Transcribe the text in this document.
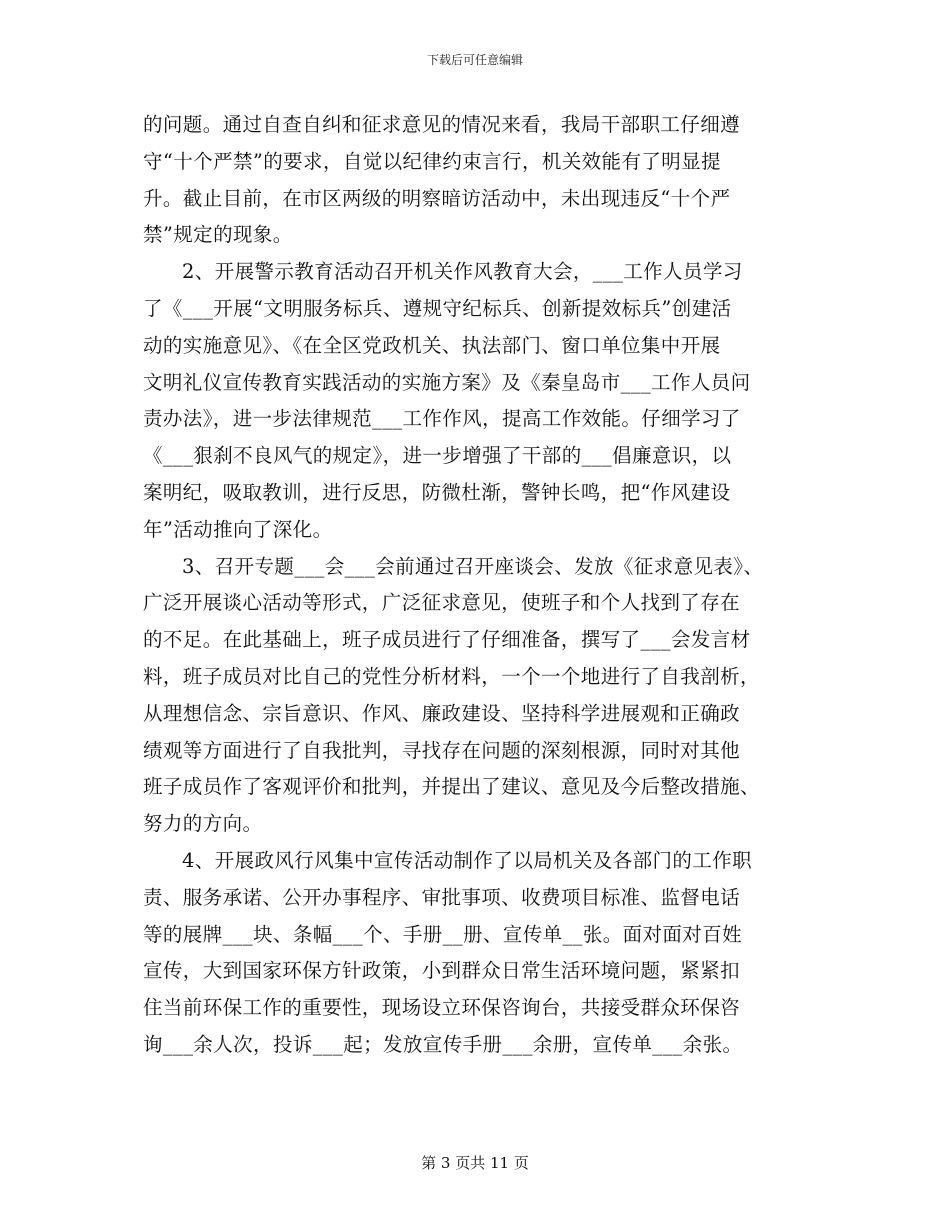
下载后可任意编辑
的问题。通过自查自纠和征求意见的情况来看，我局干部职工仔细遵
守“十个严禁”的要求，自觉以纪律约束言行，机关效能有了明显提
升。截止目前，在市区两级的明察暗访活动中，未出现违反“十个严
禁”规定的现象。
2、开展警示教育活动召开机关作风教育大会，___工作人员学习
了《___开展“文明服务标兵、遵规守纪标兵、创新提效标兵”创建活
动的实施意见》、《在全区党政机关、执法部门、窗口单位集中开展
文明礼仪宣传教育实践活动的实施方案》及《秦皇岛市___工作人员问
责办法》，进一步法律规范___工作作风，提高工作效能。仔细学习了
《___狠刹不良风气的规定》，进一步增强了干部的___倡廉意识，以
案明纪，吸取教训，进行反思，防微杜渐，警钟长鸣，把“作风建设
年”活动推向了深化。
3、召开专题___会___会前通过召开座谈会、发放《征求意见表》、
广泛开展谈心活动等形式，广泛征求意见，使班子和个人找到了存在
的不足。在此基础上，班子成员进行了仔细准备，撰写了___会发言材
料，班子成员对比自己的党性分析材料，一个一个地进行了自我剖析，
从理想信念、宗旨意识、作风、廉政建设、坚持科学进展观和正确政
绩观等方面进行了自我批判，寻找存在问题的深刻根源，同时对其他
班子成员作了客观评价和批判，并提出了建议、意见及今后整改措施、
努力的方向。
4、开展政风行风集中宣传活动制作了以局机关及各部门的工作职
责、服务承诺、公开办事程序、审批事项、收费项目标准、监督电话
等的展牌___块、条幅___个、手册__册、宣传单__张。面对面对百姓
宣传，大到国家环保方针政策，小到群众日常生活环境问题，紧紧扣
住当前环保工作的重要性，现场设立环保咨询台，共接受群众环保咨
询___余人次，投诉___起；发放宣传手册___余册，宣传单___余张。
第 3 页共 11 页
